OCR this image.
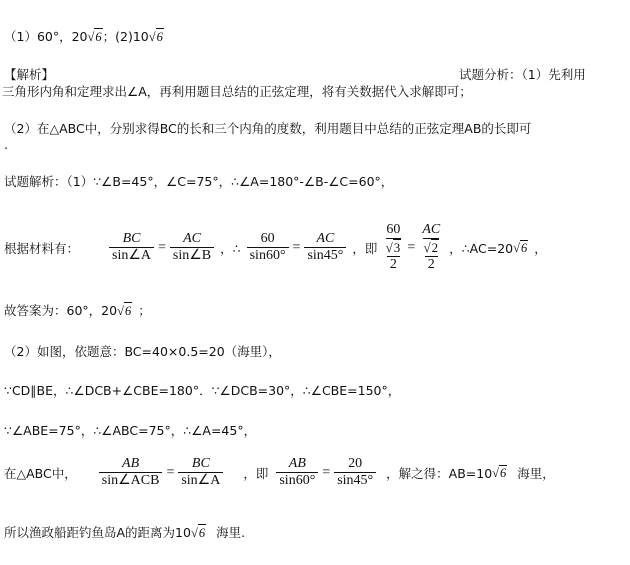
（1）60°，20√6；(2)10√6
【解析】	试题分析：（1）先利用
三角形内角和定理求出∠A，再利用题目总结的正弦定理，将有关数据代入求解即可；
（2）在△ABC中，分别求得BC的长和三个内角的度数，利用题目中总结的正弦定理AB的长即可
.
试题解析：（1）∵∠B=45°，∠C=75°，∴∠A=180°-∠B-∠C=60°，
根据材料有： $\frac{BC}{\sin\angle A} = \frac{AC}{\sin\angle B}$ ，∴ $\frac{60}{\sin 60^\circ} = \frac{AC}{\sin 45^\circ}$ ，即 $\frac{60}{\frac{√3}{2}} = \frac{AC}{\frac{√2}{2}}$ ，∴AC=20 √6 ，
故答案为：60°，20√6 ；
（2）如图，依题意：BC=40×0.5=20（海里），
∵CD∥BE，∴∠DCB+∠CBE=180°．∵∠DCB=30°，∴∠CBE=150°，
∵∠ABE=75°，∴∠ABC=75°，∴∠A=45°，
在△ABC中， $\frac{AB}{\text{sin∠ACB}} = \frac{BC}{\sin\angle A}$ ，即 $\frac{AB}{\sin 60^\circ} = \frac{20}{\sin 45^\circ}$ ，解之得：AB=10 √6 海里，
所以渔政船距钓鱼岛A的距离为10√6 海里.
